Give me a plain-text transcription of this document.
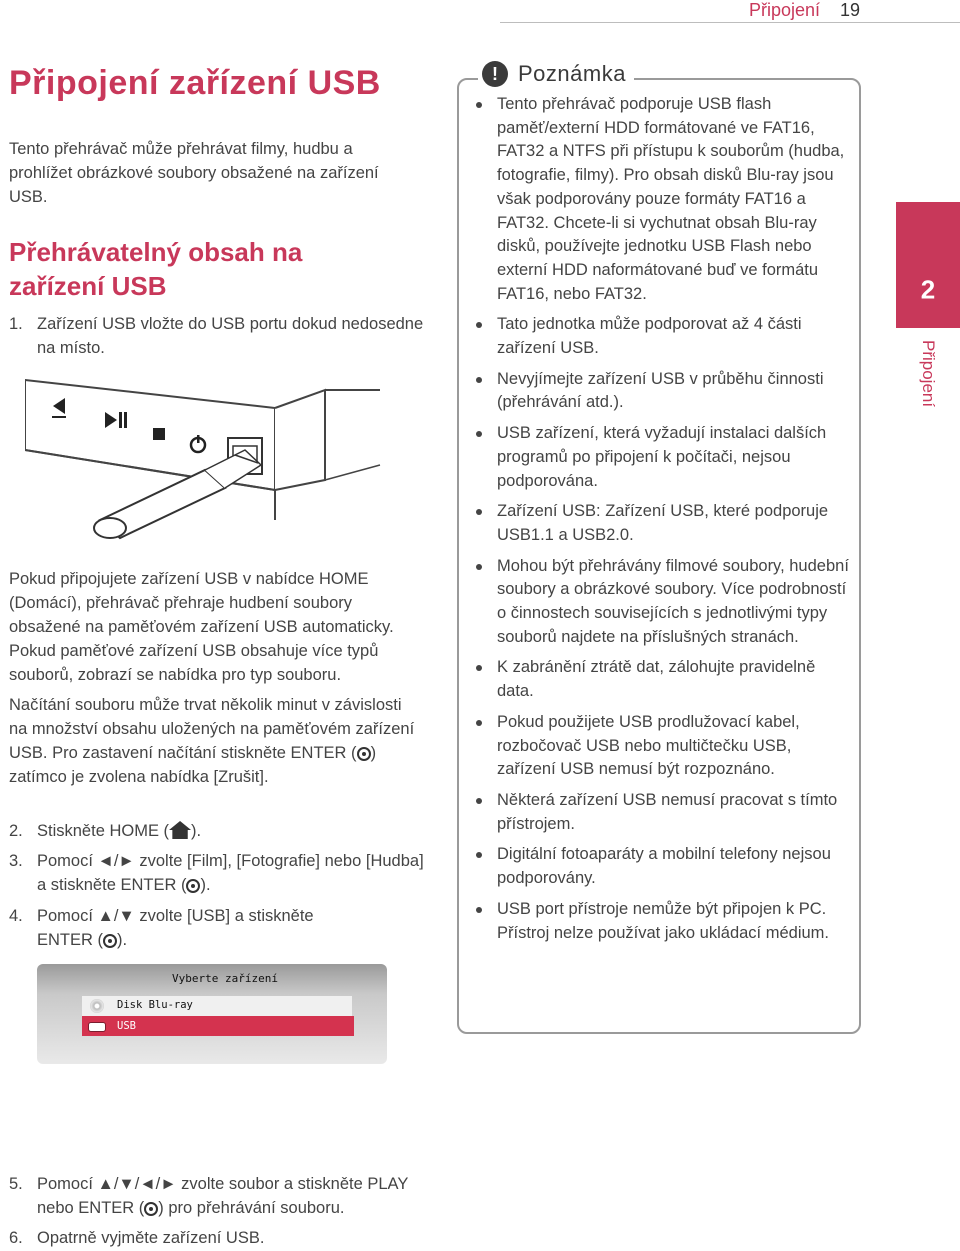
Připojení 19
Připojení zařízení USB

Tento přehrávač může přehrávat filmy, hudbu a prohlížet obrázkové soubory obsažené na zařízení USB.

Přehrávatelný obsah na zařízení USB
1. Zařízení USB vložte do USB portu dokud nedosedne na místo.

Pokud připojujete zařízení USB v nabídce HOME (Domácí), přehrávač přehraje hudbení soubory obsažené na paměťovém zařízení USB automaticky. Pokud paměťové zařízení USB obsahuje více typů souborů, zobrazí se nabídka pro typ souboru.

Načítání souboru může trvat několik minut v závislosti na množství obsahu uložených na paměťovém zařízení USB. Pro zastavení načítání stiskněte ENTER ( ) zatímco je zvolena nabídka [Zrušit].

2. Stiskněte HOME ( ).
3. Pomocí ◄/► zvolte [Film], [Fotografie] nebo [Hudba] a stiskněte ENTER ( ).
4. Pomocí ▲/▼ zvolte [USB] a stiskněte ENTER ( ).
Vyberte zařízení
Disk Blu-ray
USB
5. Pomocí ▲/▼/◄/► zvolte soubor a stiskněte PLAY nebo ENTER ( ) pro přehrávání souboru.
6. Opatrně vyjměte zařízení USB.
! Poznámka
Tento přehrávač podporuje USB flash paměť/externí HDD formátované ve FAT16, FAT32 a NTFS při přístupu k souborům (hudba, fotografie, filmy). Pro obsah disků Blu-ray jsou však podporovány pouze formáty FAT16 a FAT32. Chcete-li si vychutnat obsah Blu-ray disků, používejte jednotku USB Flash nebo externí HDD naformátované buď ve formátu FAT16, nebo FAT32.
Tato jednotka může podporovat až 4 části zařízení USB.
Nevyjímejte zařízení USB v průběhu činnosti (přehrávání atd.).
USB zařízení, která vyžadují instalaci dalších programů po připojení k počítači, nejsou podporována.
Zařízení USB: Zařízení USB, které podporuje USB1.1 a USB2.0.
Mohou být přehrávány filmové soubory, hudební soubory a obrázkové soubory. Více podrobností o činnostech souvisejících s jednotlivými typy souborů najdete na příslušných stranách.
K zabránění ztrátě dat, zálohujte pravidelně data.
Pokud použijete USB prodlužovací kabel, rozbočovač USB nebo multičtečku USB, zařízení USB nemusí být rozpoznáno.
Některá zařízení USB nemusí pracovat s tímto přístrojem.
Digitální fotoaparáty a mobilní telefony nejsou podporovány.
USB port přístroje nemůže být připojen k PC. Přístroj nelze používat jako ukládací médium.
2
Připojení
